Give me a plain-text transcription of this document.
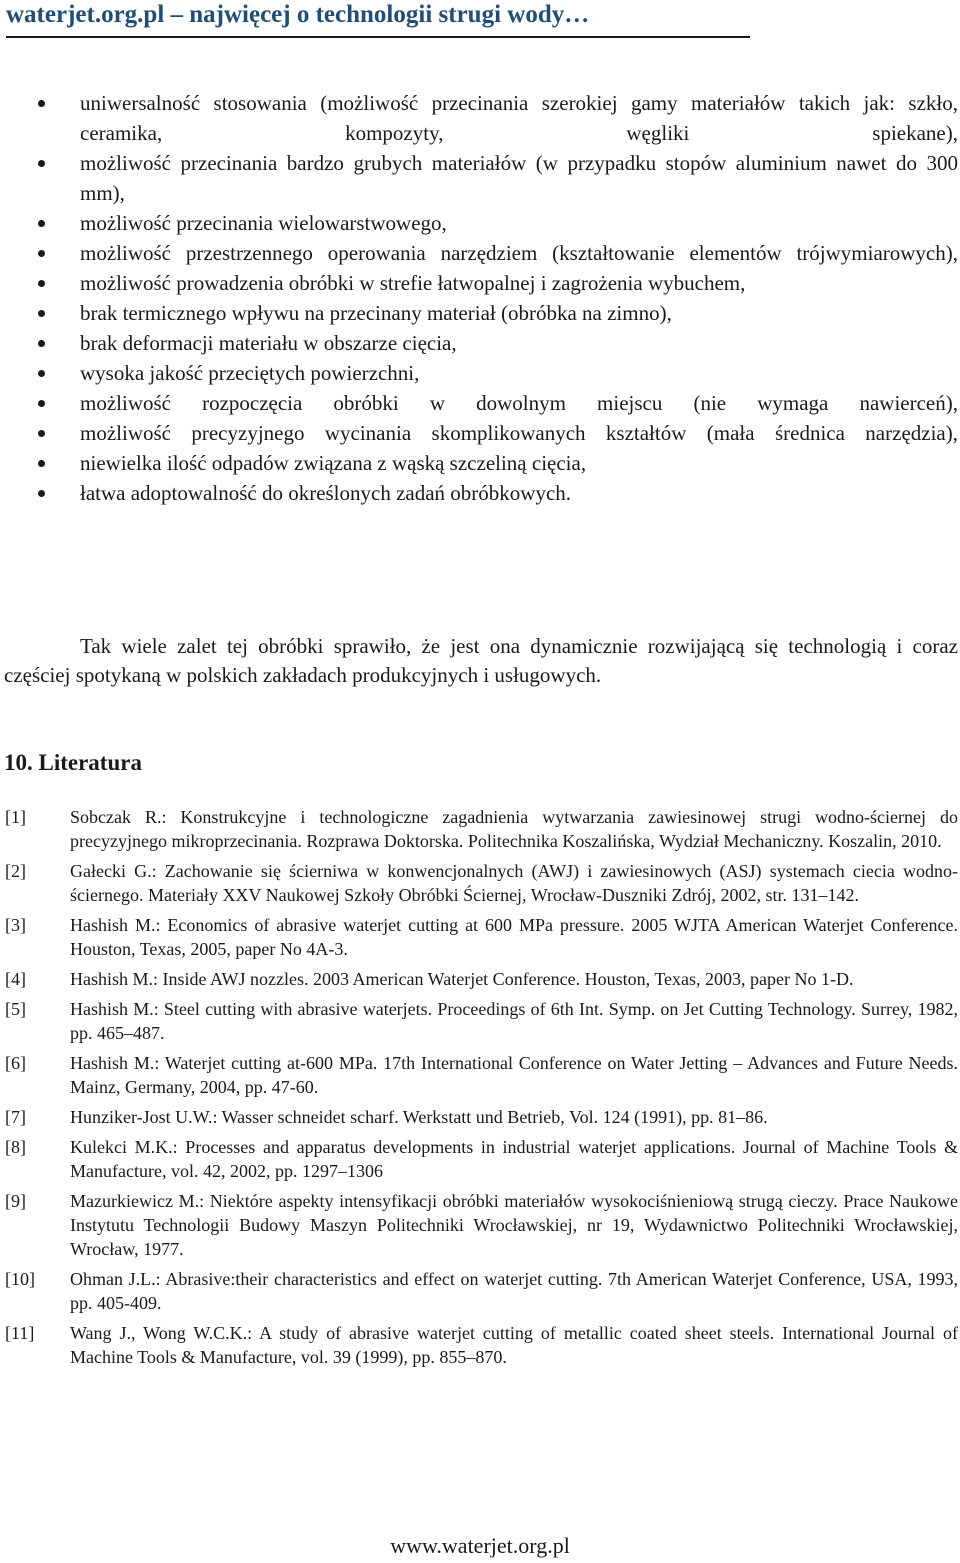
waterjet.org.pl – najwięcej o technologii strugi wody…
uniwersalność stosowania (możliwość przecinania szerokiej gamy materiałów takich jak: szkło, ceramika, kompozyty, węgliki spiekane),
możliwość przecinania bardzo grubych materiałów (w przypadku stopów aluminium nawet do 300 mm),
możliwość przecinania wielowarstwowego,
możliwość przestrzennego operowania narzędziem (kształtowanie elementów trójwymiarowych),
możliwość prowadzenia obróbki w strefie łatwopalnej i zagrożenia wybuchem,
brak termicznego wpływu na przecinany materiał (obróbka na zimno),
brak deformacji materiału w obszarze cięcia,
wysoka jakość przeciętych powierzchni,
możliwość rozpoczęcia obróbki w dowolnym miejscu (nie wymaga nawierceń),
możliwość precyzyjnego wycinania skomplikowanych kształtów (mała średnica narzędzia),
niewielka ilość odpadów związana z wąską szczeliną cięcia,
łatwa adoptowalność do określonych zadań obróbkowych.

Tak wiele zalet tej obróbki sprawiło, że jest ona dynamicznie rozwijającą się technologią i coraz częściej spotykaną w polskich zakładach produkcyjnych i usługowych.

10. Literatura
[1] Sobczak R.: Konstrukcyjne i technologiczne zagadnienia wytwarzania zawiesinowej strugi wodno-ściernej do precyzyjnego mikroprzecinania. Rozprawa Doktorska. Politechnika Koszalińska, Wydział Mechaniczny. Koszalin, 2010.
[2] Gałecki G.: Zachowanie się ścierniwa w konwencjonalnych (AWJ) i zawiesinowych (ASJ) systemach ciecia wodno-ściernego. Materiały XXV Naukowej Szkoły Obróbki Ściernej, Wrocław-Duszniki Zdrój, 2002, str. 131–142.
[3] Hashish M.: Economics of abrasive waterjet cutting at 600 MPa pressure. 2005 WJTA American Waterjet Conference. Houston, Texas, 2005, paper No 4A-3.
[4] Hashish M.: Inside AWJ nozzles. 2003 American Waterjet Conference. Houston, Texas, 2003, paper No 1-D.
[5] Hashish M.: Steel cutting with abrasive waterjets. Proceedings of 6th Int. Symp. on Jet Cutting Technology. Surrey, 1982, pp. 465–487.
[6] Hashish M.: Waterjet cutting at-600 MPa. 17th International Conference on Water Jetting – Advances and Future Needs. Mainz, Germany, 2004, pp. 47-60.
[7] Hunziker-Jost U.W.: Wasser schneidet scharf. Werkstatt und Betrieb, Vol. 124 (1991), pp. 81–86.
[8] Kulekci M.K.: Processes and apparatus developments in industrial waterjet applications. Journal of Machine Tools & Manufacture, vol. 42, 2002, pp. 1297–1306
[9] Mazurkiewicz M.: Niektóre aspekty intensyfikacji obróbki materiałów wysokociśnieniową strugą cieczy. Prace Naukowe Instytutu Technologii Budowy Maszyn Politechniki Wrocławskiej, nr 19, Wydawnictwo Politechniki Wrocławskiej, Wrocław, 1977.
[10] Ohman J.L.: Abrasive:their characteristics and effect on waterjet cutting. 7th American Waterjet Conference, USA, 1993, pp. 405-409.
[11] Wang J., Wong W.C.K.: A study of abrasive waterjet cutting of metallic coated sheet steels. International Journal of Machine Tools & Manufacture, vol. 39 (1999), pp. 855–870.
www.waterjet.org.pl
